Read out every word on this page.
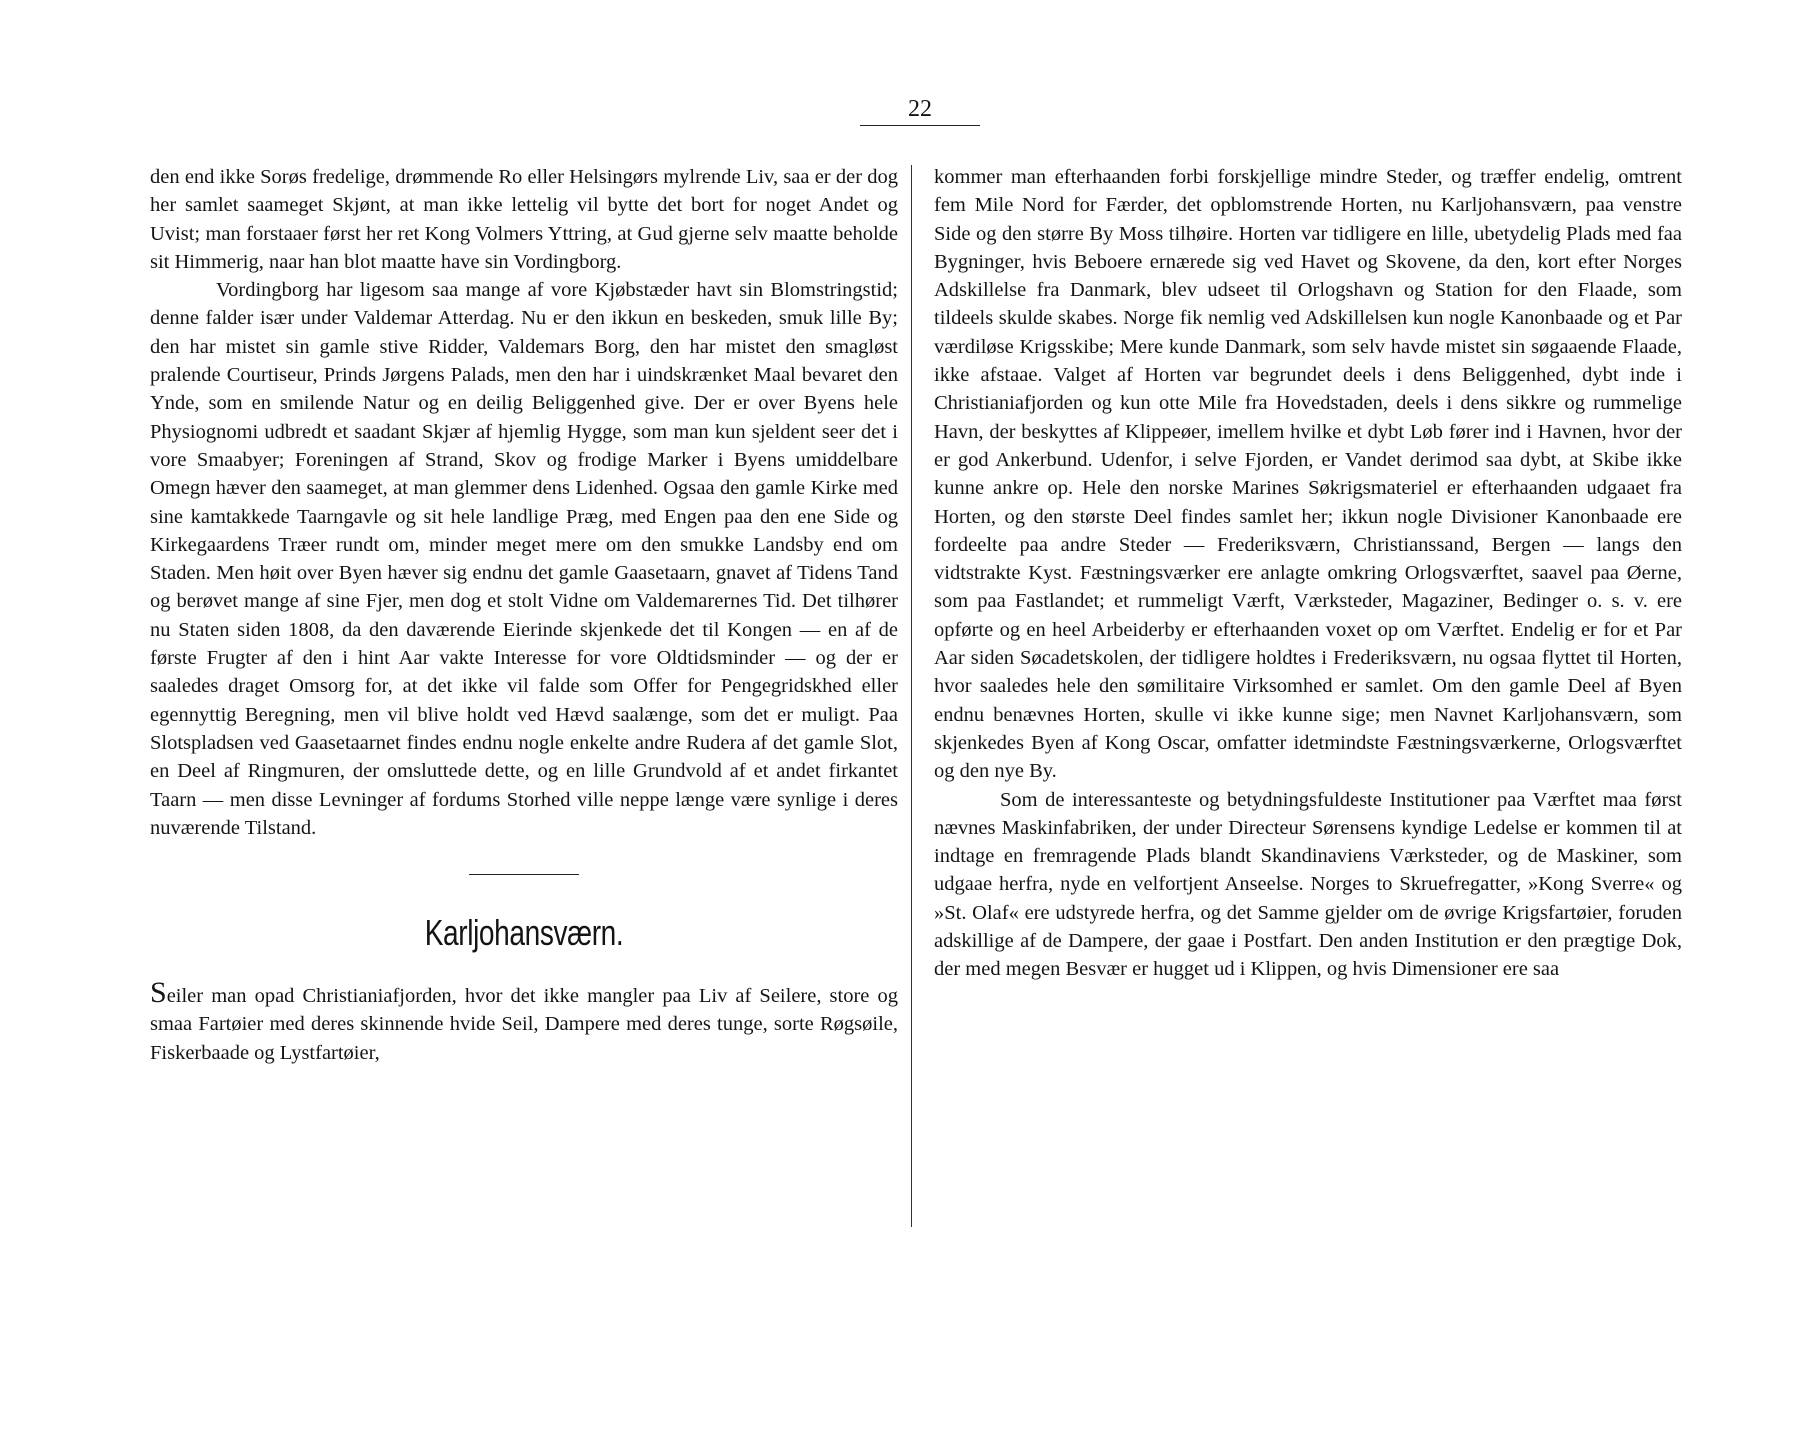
22

den end ikke Sorøs fredelige, drømmende Ro eller Helsingørs mylrende Liv, saa er der dog her samlet saameget Skjønt, at man ikke lettelig vil bytte det bort for noget Andet og Uvist; man forstaaer først her ret Kong Volmers Yttring, at Gud gjerne selv maatte beholde sit Himmerig, naar han blot maatte have sin Vordingborg.

Vordingborg har ligesom saa mange af vore Kjøbstæder havt sin Blomstringstid; denne falder især under Valdemar Atterdag. Nu er den ikkun en beskeden, smuk lille By; den har mistet sin gamle stive Ridder, Valdemars Borg, den har mistet den smagløst pralende Courtiseur, Prinds Jørgens Palads, men den har i uindskrænket Maal bevaret den Ynde, som en smilende Natur og en deilig Beliggenhed give. Der er over Byens hele Physiognomi udbredt et saadant Skjær af hjemlig Hygge, som man kun sjeldent seer det i vore Smaabyer; Foreningen af Strand, Skov og frodige Marker i Byens umiddelbare Omegn hæver den saameget, at man glemmer dens Lidenhed. Ogsaa den gamle Kirke med sine kamtakkede Taarngavle og sit hele landlige Præg, med Engen paa den ene Side og Kirkegaardens Træer rundt om, minder meget mere om den smukke Landsby end om Staden. Men høit over Byen hæver sig endnu det gamle Gaasetaarn, gnavet af Tidens Tand og berøvet mange af sine Fjer, men dog et stolt Vidne om Valdemarernes Tid. Det tilhører nu Staten siden 1808, da den daværende Eierinde skjenkede det til Kongen — en af de første Frugter af den i hint Aar vakte Interesse for vore Oldtidsminder — og der er saaledes draget Omsorg for, at det ikke vil falde som Offer for Pengegridskhed eller egennyttig Beregning, men vil blive holdt ved Hævd saalænge, som det er muligt. Paa Slotspladsen ved Gaasetaarnet findes endnu nogle enkelte andre Rudera af det gamle Slot, en Deel af Ringmuren, der omsluttede dette, og en lille Grundvold af et andet firkantet Taarn — men disse Levninger af fordums Storhed ville neppe længe være synlige i deres nuværende Tilstand.

Karljohansværn.

Seiler man opad Christianiafjorden, hvor det ikke mangler paa Liv af Seilere, store og smaa Fartøier med deres skinnende hvide Seil, Dampere med deres tunge, sorte Røgsøile, Fiskerbaade og Lystfartøier,

kommer man efterhaanden forbi forskjellige mindre Steder, og træffer endelig, omtrent fem Mile Nord for Færder, det opblomstrende Horten, nu Karljohansværn, paa venstre Side og den større By Moss tilhøire. Horten var tidligere en lille, ubetydelig Plads med faa Bygninger, hvis Beboere ernærede sig ved Havet og Skovene, da den, kort efter Norges Adskillelse fra Danmark, blev udseet til Orlogshavn og Station for den Flaade, som tildeels skulde skabes. Norge fik nemlig ved Adskillelsen kun nogle Kanonbaade og et Par værdiløse Krigsskibe; Mere kunde Danmark, som selv havde mistet sin søgaaende Flaade, ikke afstaae. Valget af Horten var begrundet deels i dens Beliggenhed, dybt inde i Christianiafjorden og kun otte Mile fra Hovedstaden, deels i dens sikkre og rummelige Havn, der beskyttes af Klippeøer, imellem hvilke et dybt Løb fører ind i Havnen, hvor der er god Ankerbund. Udenfor, i selve Fjorden, er Vandet derimod saa dybt, at Skibe ikke kunne ankre op. Hele den norske Marines Søkrigsmateriel er efterhaanden udgaaet fra Horten, og den største Deel findes samlet her; ikkun nogle Divisioner Kanonbaade ere fordeelte paa andre Steder — Frederiksværn, Christianssand, Bergen — langs den vidtstrakte Kyst. Fæstningsværker ere anlagte omkring Orlogsværftet, saavel paa Øerne, som paa Fastlandet; et rummeligt Værft, Værksteder, Magaziner, Bedinger o. s. v. ere opførte og en heel Arbeiderby er efterhaanden voxet op om Værftet. Endelig er for et Par Aar siden Søcadetskolen, der tidligere holdtes i Frederiksværn, nu ogsaa flyttet til Horten, hvor saaledes hele den sømilitaire Virksomhed er samlet. Om den gamle Deel af Byen endnu benævnes Horten, skulle vi ikke kunne sige; men Navnet Karljohansværn, som skjenkedes Byen af Kong Oscar, omfatter idetmindste Fæstningsværkerne, Orlogsværftet og den nye By.

Som de interessanteste og betydningsfuldeste Institutioner paa Værftet maa først nævnes Maskinfabriken, der under Directeur Sørensens kyndige Ledelse er kommen til at indtage en fremragende Plads blandt Skandinaviens Værksteder, og de Maskiner, som udgaae herfra, nyde en velfortjent Anseelse. Norges to Skruefregatter, »Kong Sverre« og »St. Olaf« ere udstyrede herfra, og det Samme gjelder om de øvrige Krigsfartøier, foruden adskillige af de Dampere, der gaae i Postfart. Den anden Institution er den prægtige Dok, der med megen Besvær er hugget ud i Klippen, og hvis Dimensioner ere saa
